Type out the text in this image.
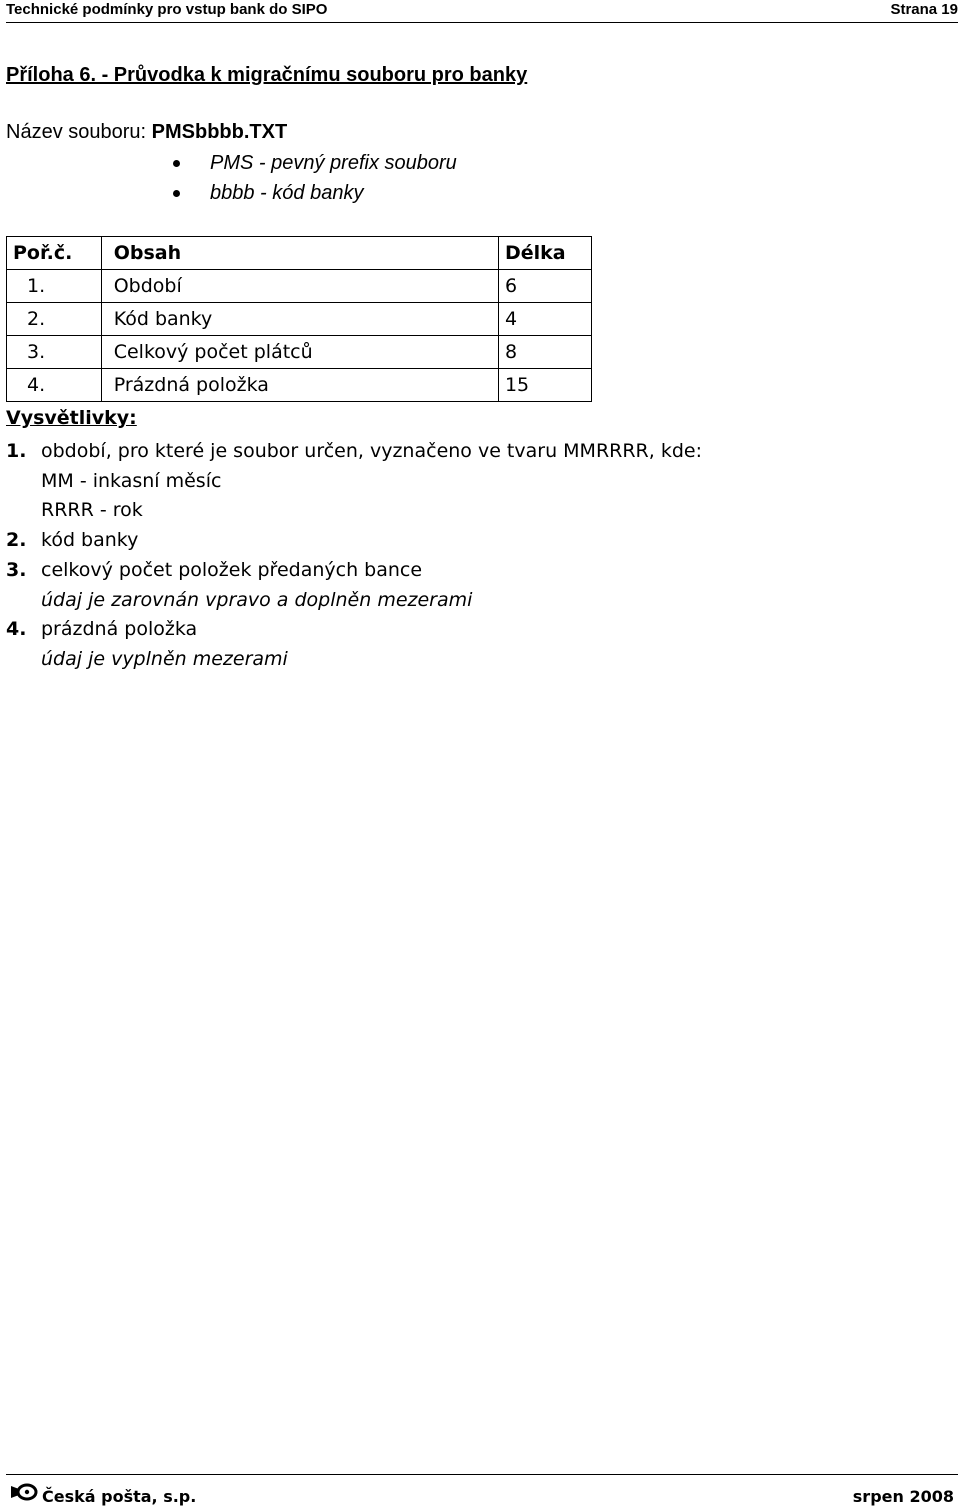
Technické podmínky pro vstup bank do SIPO	Strana 19
Příloha 6. - Průvodka k migračnímu souboru pro banky
Název souboru: PMSbbbb.TXT
PMS - pevný prefix souboru
bbbb - kód banky
Poř.č.	Obsah	Délka
1.	Období	6
2.	Kód banky	4
3.	Celkový počet plátců	8
4.	Prázdná položka	15
Vysvětlivky:
1. období, pro které je soubor určen, vyznačeno ve tvaru MMRRRR, kde:
MM - inkasní měsíc
RRRR - rok
2. kód banky
3. celkový počet položek předaných bance
údaj je zarovnán vpravo a doplněn mezerami
4. prázdná položka
údaj je vyplněn mezerami
Česká pošta, s.p.	srpen 2008
